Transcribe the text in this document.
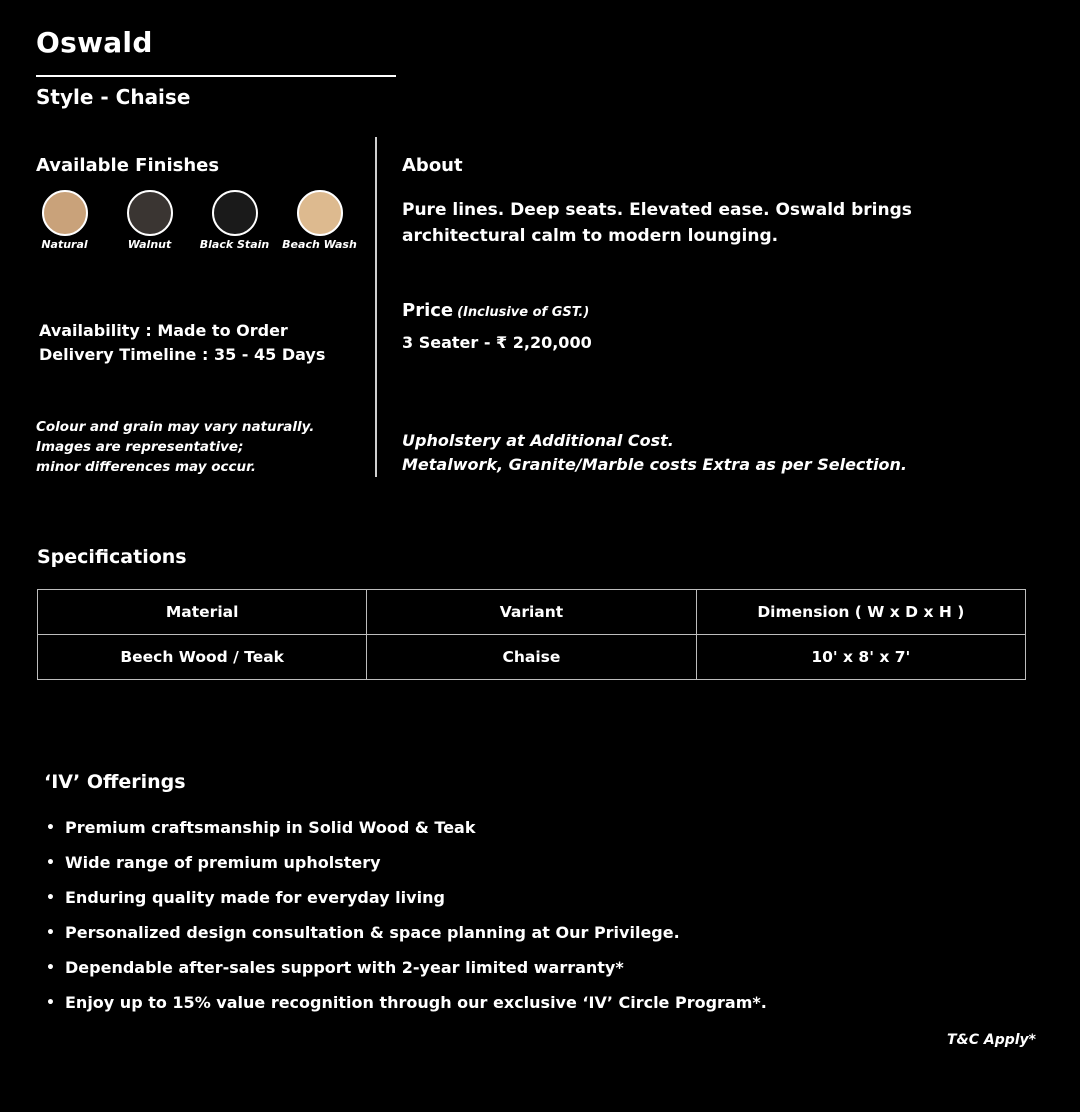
Oswald
Style - Chaise
Available Finishes
Natural	Walnut	Black Stain Beach Wash
Availability : Made to Order
Delivery Timeline : 35 - 45 Days
Colour and grain may vary naturally.
Images are representative;
minor differences may occur.
About
Pure lines. Deep seats. Elevated ease. Oswald brings architectural calm to modern lounging.
Price (Inclusive of GST.)
3 Seater - ₹ 2,20,000
Upholstery at Additional Cost.
Metalwork, Granite/Marble costs Extra as per Selection.
Specifications
Material	Variant	Dimension ( W x D x H )
Beech Wood / Teak	Chaise	10' x 8' x 7'
‘IV’ Offerings
• Premium craftsmanship in Solid Wood & Teak
• Wide range of premium upholstery
• Enduring quality made for everyday living
• Personalized design consultation & space planning at Our Privilege.
• Dependable after-sales support with 2-year limited warranty*
• Enjoy up to 15% value recognition through our exclusive ‘IV’ Circle Program*.
T&C Apply*
